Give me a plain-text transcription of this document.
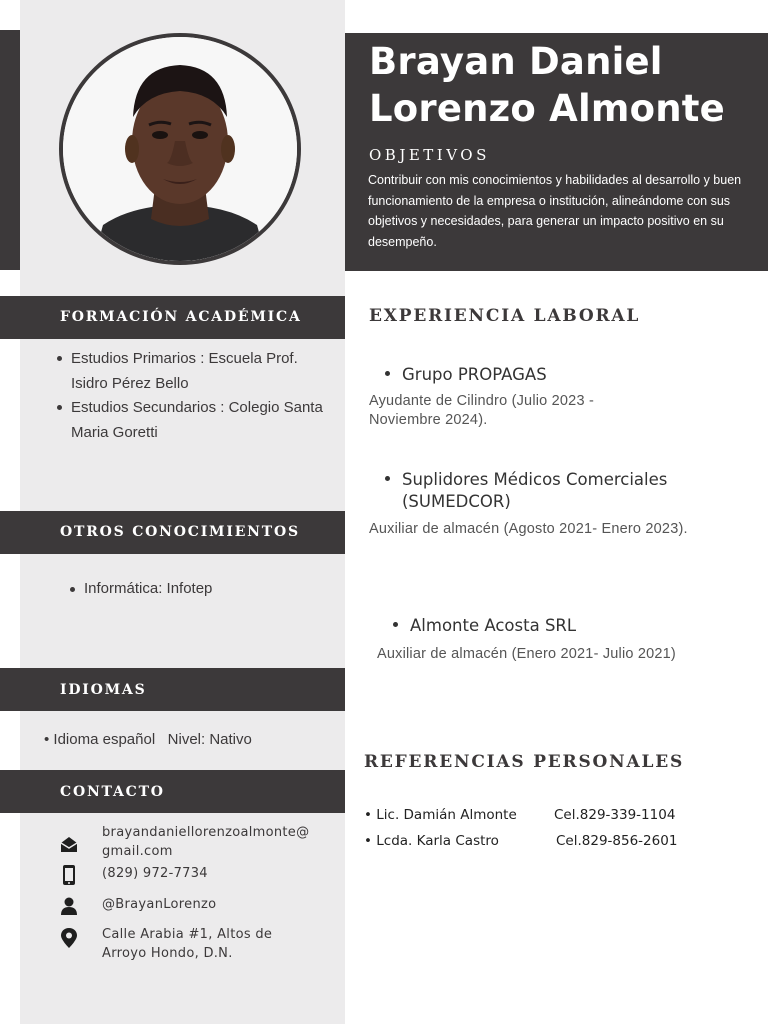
Brayan Daniel
Lorenzo Almonte
OBJETIVOS
Contribuir con mis conocimientos y habilidades al desarrollo y buen funcionamiento de la empresa o institución, alineándome con sus objetivos y necesidades, para generar un impacto positivo en su desempeño.
FORMACIÓN ACADÉMICA
Estudios Primarios : Escuela Prof. Isidro Pérez Bello
Estudios Secundarios : Colegio Santa Maria Goretti
OTROS CONOCIMIENTOS
Informática: Infotep
IDIOMAS
• Idioma español   Nivel: Nativo
CONTACTO
brayandaniellorenzoalmonte@
gmail.com
(829) 972-7734
@BrayanLorenzo
Calle Arabia #1, Altos de
Arroyo Hondo, D.N.
EXPERIENCIA LABORAL
Grupo PROPAGAS
Ayudante de Cilindro (Julio 2023 - Noviembre 2024).
Suplidores Médicos Comerciales
(SUMEDCOR)
Auxiliar de almacén (Agosto 2021- Enero 2023).
Almonte Acosta SRL
Auxiliar de almacén (Enero 2021- Julio 2021)
REFERENCIAS PERSONALES
• Lic. Damián Almonte	Cel.829-339-1104
• Lcda. Karla Castro	Cel.829-856-2601
